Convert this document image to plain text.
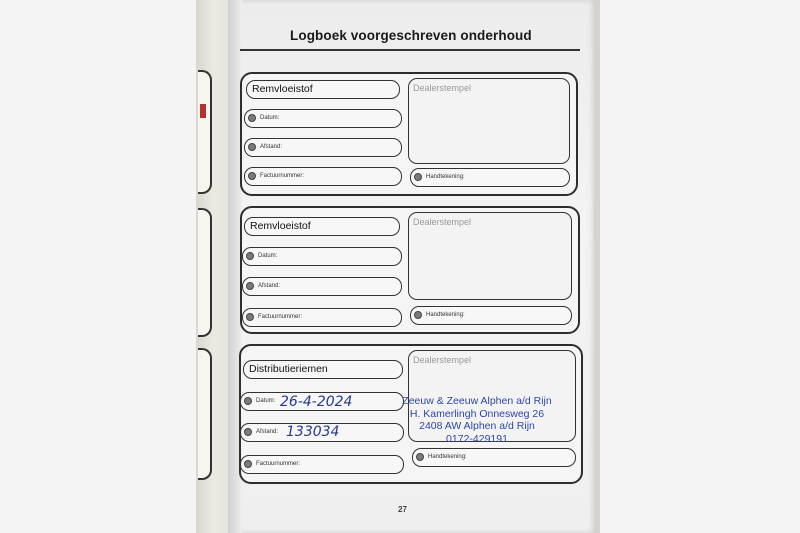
Logboek voorgeschreven onderhoud
Remvloeistof
Datum:
Afstand:
Factuurnummer:
Dealerstempel
Handtekening:
Remvloeistof
Datum:
Afstand:
Factuurnummer:
Dealerstempel
Handtekening:
Distributieriemen
Datum:
Afstand:
Factuurnummer:
Dealerstempel
Handtekening:
26-4-2024
133034
Zeeuw & Zeeuw Alphen a/d Rijn
H. Kamerlingh Onnesweg 26
2408 AW Alphen a/d Rijn
0172-429191
27
